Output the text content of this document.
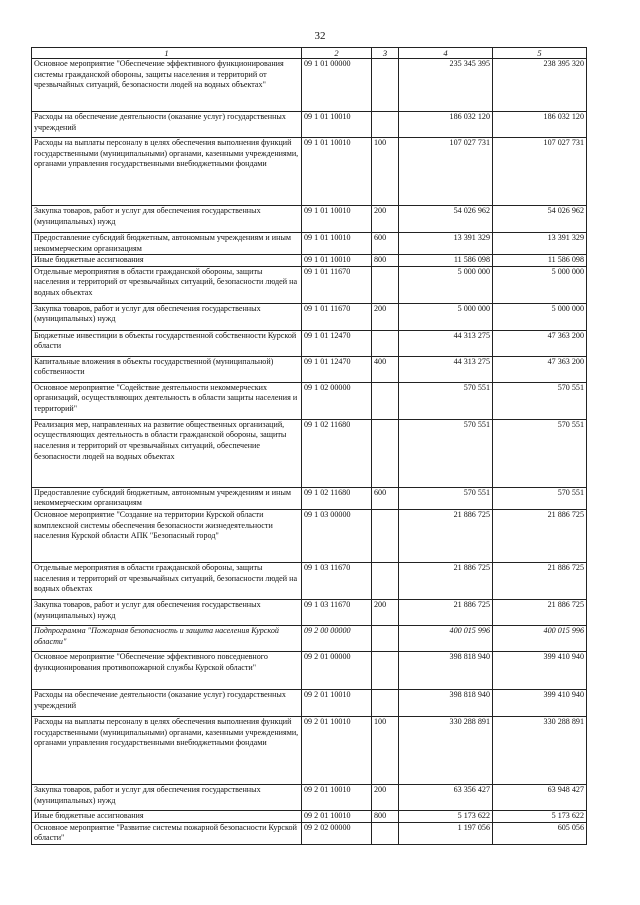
32
1	2	3	4	5
Основное мероприятие "Обеспечение эффективного функционирования системы гражданской обороны, защиты населения и территорий от чрезвычайных ситуаций, безопасности людей на водных объектах"	09 1 01 00000		235 345 395	238 395 320
Расходы на обеспечение деятельности (оказание услуг) государственных учреждений	09 1 01 10010		186 032 120	186 032 120
Расходы на выплаты персоналу в целях обеспечения выполнения функций государственными (муниципальными) органами, казенными учреждениями, органами управления государственными внебюджетными фондами	09 1 01 10010	100	107 027 731	107 027 731
Закупка товаров, работ и услуг для обеспечения государственных (муниципальных) нужд	09 1 01 10010	200	54 026 962	54 026 962
Предоставление субсидий бюджетным, автономным учреждениям и иным некоммерческим организациям	09 1 01 10010	600	13 391 329	13 391 329
Иные бюджетные ассигнования	09 1 01 10010	800	11 586 098	11 586 098
Отдельные мероприятия в области гражданской обороны, защиты населения и территорий от чрезвычайных ситуаций, безопасности людей на водных объектах	09 1 01 11670		5 000 000	5 000 000
Закупка товаров, работ и услуг для обеспечения государственных (муниципальных) нужд	09 1 01 11670	200	5 000 000	5 000 000
Бюджетные инвестиции в объекты государственной собственности Курской области	09 1 01 12470		44 313 275	47 363 200
Капитальные вложения в объекты государственной (муниципальной) собственности	09 1 01 12470	400	44 313 275	47 363 200
Основное мероприятие "Содействие деятельности некоммерческих организаций, осуществляющих деятельность в области защиты населения и территорий"	09 1 02 00000		570 551	570 551
Реализация мер, направленных на развитие общественных организаций, осуществляющих деятельность в области гражданской обороны, защиты населения и территорий от чрезвычайных ситуаций, обеспечение безопасности людей на водных объектах	09 1 02 11680		570 551	570 551
Предоставление субсидий бюджетным, автономным учреждениям и иным некоммерческим организациям	09 1 02 11680	600	570 551	570 551
Основное мероприятие "Создание на территории Курской области комплексной системы обеспечения безопасности жизнедеятельности населения Курской области АПК "Безопасный город"	09 1 03 00000		21 886 725	21 886 725
Отдельные мероприятия в области гражданской обороны, защиты населения и территорий от чрезвычайных ситуаций, безопасности людей на водных объектах	09 1 03 11670		21 886 725	21 886 725
Закупка товаров, работ и услуг для обеспечения государственных (муниципальных) нужд	09 1 03 11670	200	21 886 725	21 886 725
Подпрограмма "Пожарная безопасность и защита населения Курской области"	09 2 00 00000		400 015 996	400 015 996
Основное мероприятие "Обеспечение эффективного повседневного функционирования противопожарной службы Курской области"	09 2 01 00000		398 818 940	399 410 940
Расходы на обеспечение деятельности (оказание услуг) государственных учреждений	09 2 01 10010		398 818 940	399 410 940
Расходы на выплаты персоналу в целях обеспечения выполнения функций государственными (муниципальными) органами, казенными учреждениями, органами управления государственными внебюджетными фондами	09 2 01 10010	100	330 288 891	330 288 891
Закупка товаров, работ и услуг для обеспечения государственных (муниципальных) нужд	09 2 01 10010	200	63 356 427	63 948 427
Иные бюджетные ассигнования	09 2 01 10010	800	5 173 622	5 173 622
Основное мероприятие "Развитие системы пожарной безопасности Курской области"	09 2 02 00000		1 197 056	605 056
